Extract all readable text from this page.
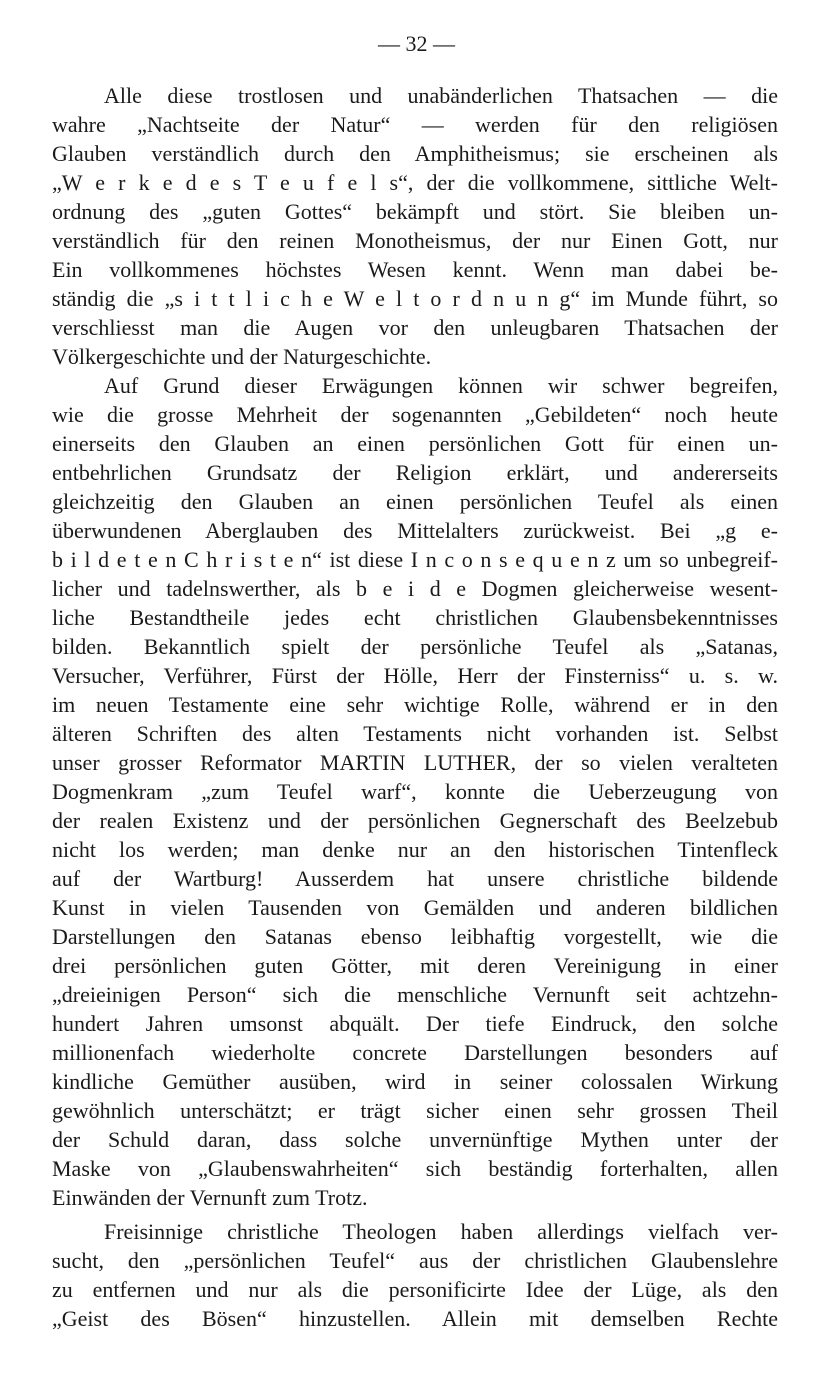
— 32 —
Alle diese trostlosen und unabänderlichen Thatsachen — die
wahre „Nachtseite der Natur“ — werden für den religiösen
Glauben verständlich durch den Amphitheismus; sie erscheinen als
„W e r k e d e s T e u f e l s“, der die vollkommene, sittliche Welt-
ordnung des „guten Gottes“ bekämpft und stört. Sie bleiben un-
verständlich für den reinen Monotheismus, der nur Einen Gott, nur
Ein vollkommenes höchstes Wesen kennt. Wenn man dabei be-
ständig die „s i t t l i c h e W e l t o r d n u n g“ im Munde führt, so
verschliesst man die Augen vor den unleugbaren Thatsachen der
Völkergeschichte und der Naturgeschichte.
Auf Grund dieser Erwägungen können wir schwer begreifen,
wie die grosse Mehrheit der sogenannten „Gebildeten“ noch heute
einerseits den Glauben an einen persönlichen Gott für einen un-
entbehrlichen Grundsatz der Religion erklärt, und andererseits
gleichzeitig den Glauben an einen persönlichen Teufel als einen
überwundenen Aberglauben des Mittelalters zurückweist. Bei „g e-
b i l d e t e n C h r i s t e n“ ist diese I n c o n s e q u e n z um so unbegreif-
licher und tadelnswerther, als b e i d e Dogmen gleicherweise wesent-
liche Bestandtheile jedes echt christlichen Glaubensbekenntnisses
bilden. Bekanntlich spielt der persönliche Teufel als „Satanas,
Versucher, Verführer, Fürst der Hölle, Herr der Finsterniss“ u. s. w.
im neuen Testamente eine sehr wichtige Rolle, während er in den
älteren Schriften des alten Testaments nicht vorhanden ist. Selbst
unser grosser Reformator MARTIN LUTHER, der so vielen veralteten
Dogmenkram „zum Teufel warf“, konnte die Ueberzeugung von
der realen Existenz und der persönlichen Gegnerschaft des Beelzebub
nicht los werden; man denke nur an den historischen Tintenfleck
auf der Wartburg! Ausserdem hat unsere christliche bildende
Kunst in vielen Tausenden von Gemälden und anderen bildlichen
Darstellungen den Satanas ebenso leibhaftig vorgestellt, wie die
drei persönlichen guten Götter, mit deren Vereinigung in einer
„dreieinigen Person“ sich die menschliche Vernunft seit achtzehn-
hundert Jahren umsonst abquält. Der tiefe Eindruck, den solche
millionenfach wiederholte concrete Darstellungen besonders auf
kindliche Gemüther ausüben, wird in seiner colossalen Wirkung
gewöhnlich unterschätzt; er trägt sicher einen sehr grossen Theil
der Schuld daran, dass solche unvernünftige Mythen unter der
Maske von „Glaubenswahrheiten“ sich beständig forterhalten, allen
Einwänden der Vernunft zum Trotz.
Freisinnige christliche Theologen haben allerdings vielfach ver-
sucht, den „persönlichen Teufel“ aus der christlichen Glaubenslehre
zu entfernen und nur als die personificirte Idee der Lüge, als den
„Geist des Bösen“ hinzustellen. Allein mit demselben Rechte
